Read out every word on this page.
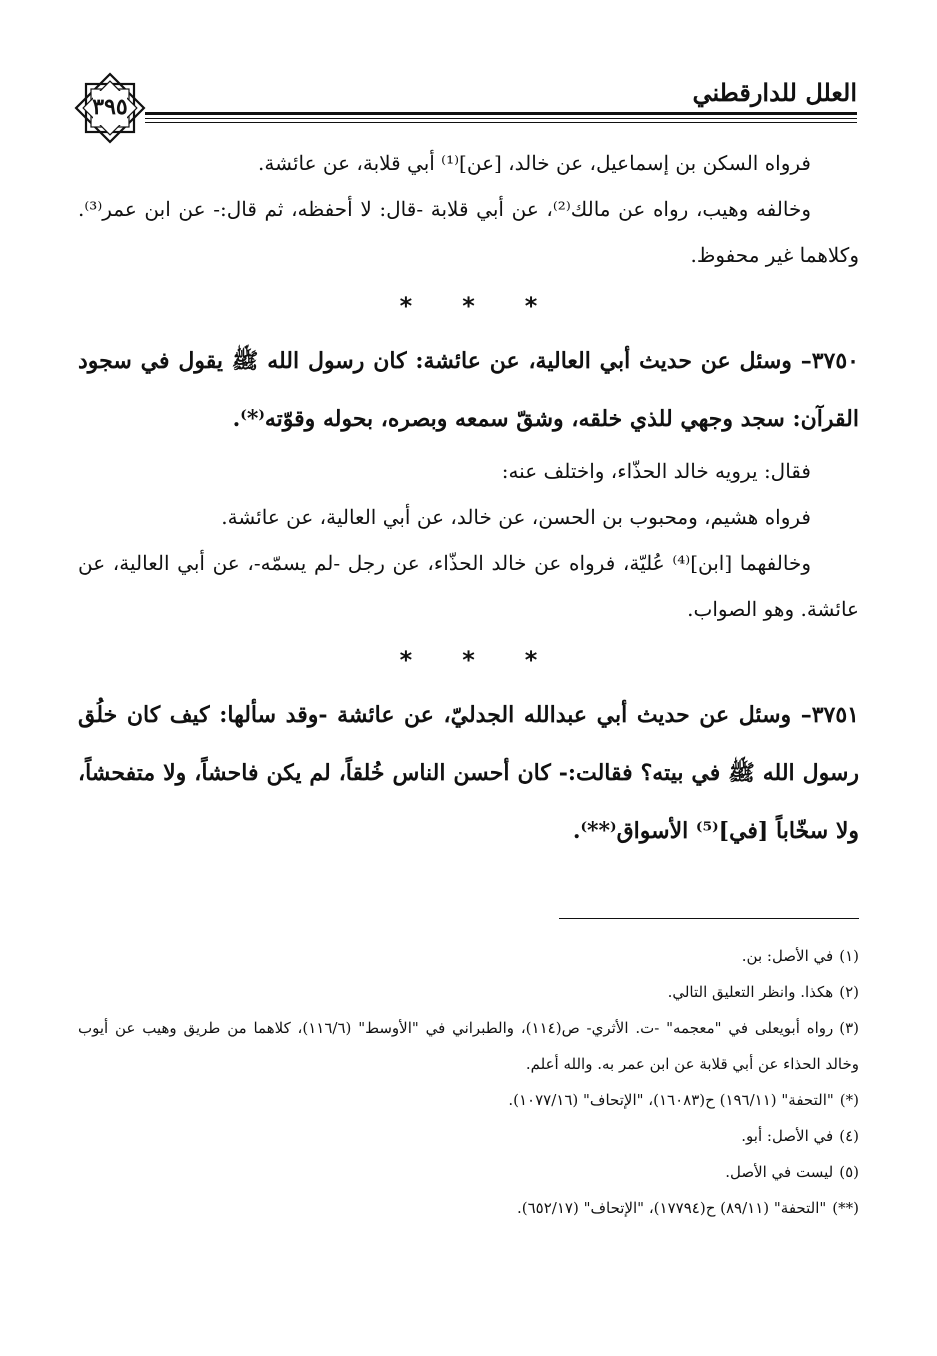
العلل للدارقطني
٣٩٥

فرواه السكن بن إسماعيل، عن خالد، [عن]⁽¹⁾ أبي قلابة، عن عائشة.

وخالفه وهيب، رواه عن مالك⁽²⁾، عن أبي قلابة -قال: لا أحفظه، ثم قال:- عن ابن عمر⁽³⁾. وكلاهما غير محفوظ.

***

٣٧٥٠– وسئل عن حديث أبي العالية، عن عائشة: كان رسول الله ﷺ يقول في سجود القرآن: سجد وجهي للذي خلقه، وشقّ سمعه وبصره، بحوله وقوّته⁽*⁾.

فقال: يرويه خالد الحذّاء، واختلف عنه:

فرواه هشيم، ومحبوب بن الحسن، عن خالد، عن أبي العالية، عن عائشة.

وخالفهما [ابن]⁽⁴⁾ عُليّة، فرواه عن خالد الحذّاء، عن رجل -لم يسمّه-، عن أبي العالية، عن عائشة. وهو الصواب.

***

٣٧٥١– وسئل عن حديث أبي عبدالله الجدليّ، عن عائشة -وقد سألها: كيف كان خلُق رسول الله ﷺ في بيته؟ فقالت:- كان أحسن الناس خُلقاً، لم يكن فاحشاً، ولا متفحشاً، ولا سخّاباً [في]⁽⁵⁾ الأسواق⁽**⁾.

(١)في الأصل: بن.

(٢)هكذا. وانظر التعليق التالي.

(٣)رواه أبويعلى في "معجمه" -ت. الأثري- ص(١١٤)، والطبراني في "الأوسط" (١١٦/٦)، كلاهما من طريق وهيب عن أيوب وخالد الحذاء عن أبي قلابة عن ابن عمر به. والله أعلم.

(*)"التحفة" (١٩٦/١١) ح(١٦٠٨٣)، "الإتحاف" (١٠٧٧/١٦).

(٤)في الأصل: أبو.

(٥)ليست في الأصل.

(**)"التحفة" (٨٩/١١) ح(١٧٧٩٤)، "الإتحاف" (٦٥٢/١٧).
